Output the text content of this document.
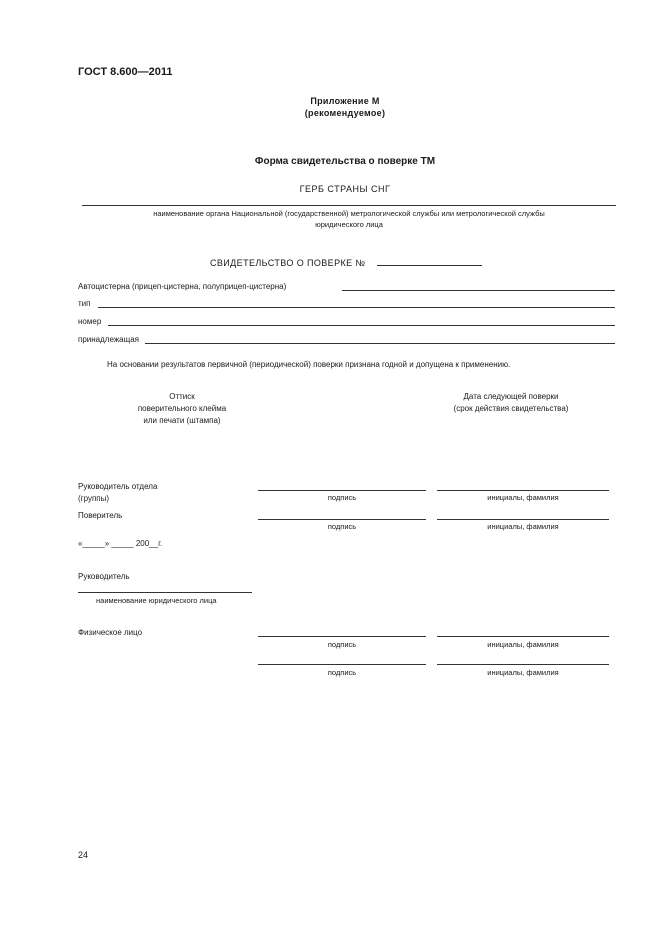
ГОСТ 8.600—2011
Приложение М
(рекомендуемое)
Форма свидетельства о поверке ТМ
ГЕРБ СТРАНЫ СНГ
наименование органа Национальной (государственной) метрологической службы или метрологической службы
юридического лица
СВИДЕТЕЛЬСТВО О ПОВЕРКЕ №
Автоцистерна (прицеп-цистерна, полуприцеп-цистерна)
тип
номер
принадлежащая
На основании результатов первичной (периодической) поверки признана годной и допущена к применению.
Оттиск
поверительного клейма
или печати (штампа)
Дата следующей поверки
(срок действия свидетельства)
Руководитель отдела
(группы)	подпись	инициалы, фамилия
Поверитель
подпись	инициалы, фамилия
«_____» _____ 200__г.
Руководитель
наименование юридического лица
Физическое лицо
подпись	инициалы, фамилия
подпись	инициалы, фамилия
24
